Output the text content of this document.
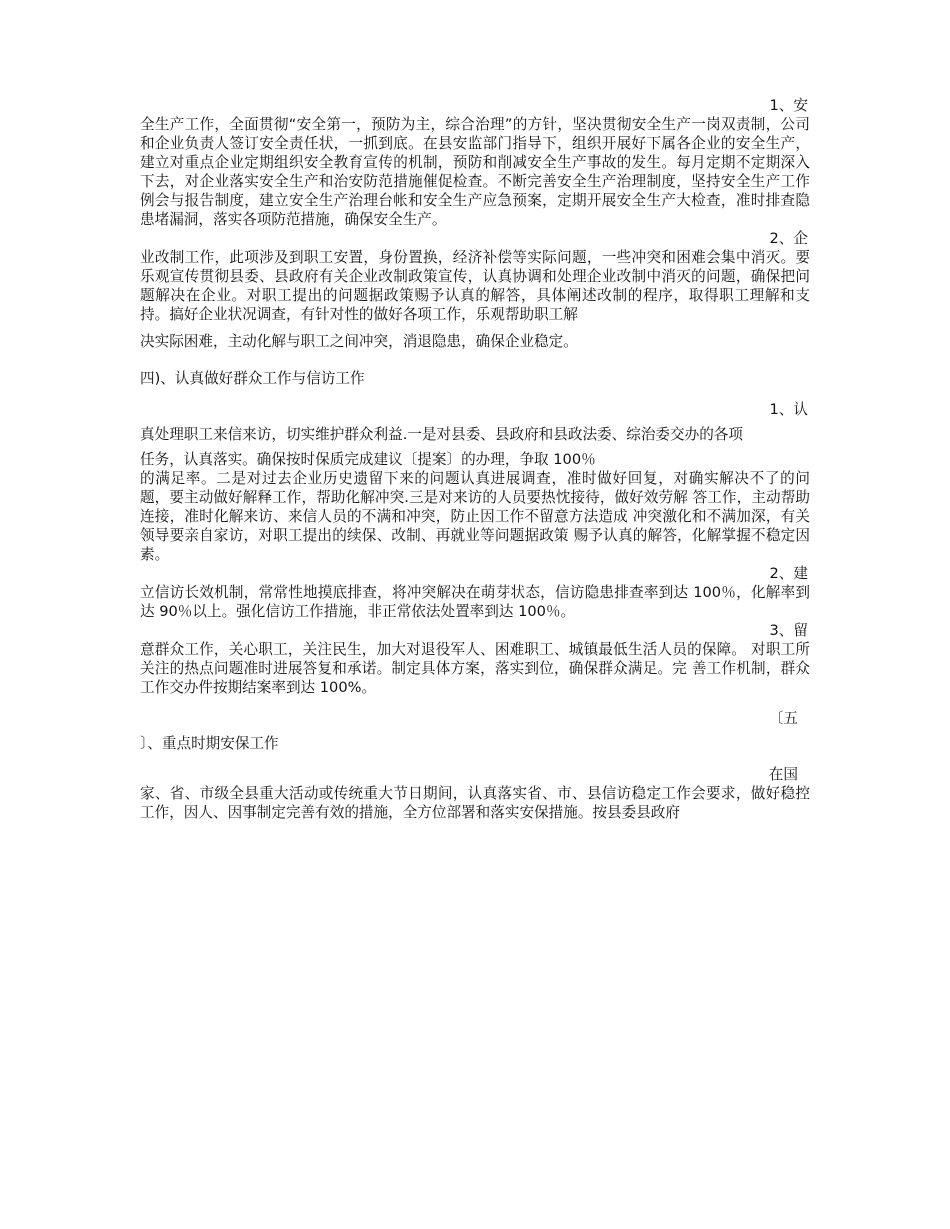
1、安
全生产工作，全面贯彻“安全第一，预防为主，综合治理”的方针，坚决贯彻安全生产一岗双责制，公司和企业负责人签订安全责任状，一抓到底。在县安监部门指导下，组织开展好下属各企业的安全生产，建立对重点企业定期组织安全教育宣传的机制，预防和削减安全生产事故的发生。每月定期不定期深入下去，对企业落实安全生产和治安防范措施催促检查。不断完善安全生产治理制度，坚持安全生产工作例会与报告制度，建立安全生产治理台帐和安全生产应急预案，定期开展安全生产大检查，准时排查隐患堵漏洞，落实各项防范措施，确保安全生产。
2、企
业改制工作，此项涉及到职工安置，身份置换，经济补偿等实际问题，一些冲突和困难会集中消灭。要乐观宣传贯彻县委、县政府有关企业改制政策宣传，认真协调和处理企业改制中消灭的问题，确保把问题解决在企业。对职工提出的问题据政策赐予认真的解答，具体阐述改制的程序，取得职工理解和支持。搞好企业状况调查，有针对性的做好各项工作，乐观帮助职工解
决实际困难，主动化解与职工之间冲突，消退隐患，确保企业稳定。
四)、认真做好群众工作与信访工作
1、认
真处理职工来信来访，切实维护群众利益.一是对县委、县政府和县政法委、综治委交办的各项
任务，认真落实。确保按时保质完成建议〔提案〕的办理，争取 100％
的满足率。二是对过去企业历史遗留下来的问题认真进展调查，准时做好回复，对确实解决不了的问题，要主动做好解释工作，帮助化解冲突.三是对来访的人员要热忱接待，做好效劳解 答工作，主动帮助连接，准时化解来访、来信人员的不满和冲突，防止因工作不留意方法造成 冲突激化和不满加深，有关领导要亲自家访，对职工提出的续保、改制、再就业等问题据政策 赐予认真的解答，化解掌握不稳定因素。
2、建
立信访长效机制，常常性地摸底排查，将冲突解决在萌芽状态，信访隐患排查率到达 100％，化解率到达 90％以上。强化信访工作措施，非正常依法处置率到达 100％。
3、留
意群众工作，关心职工，关注民生，加大对退役军人、困难职工、城镇最低生活人员的保障。 对职工所关注的热点问题准时进展答复和承诺。制定具体方案，落实到位，确保群众满足。完 善工作机制，群众工作交办件按期结案率到达 100%。
〔五
〕、重点时期安保工作
在国
家、省、市级全县重大活动或传统重大节日期间，认真落实省、市、县信访稳定工作会要求，做好稳控工作，因人、因事制定完善有效的措施，全方位部署和落实安保措施。按县委县政府
